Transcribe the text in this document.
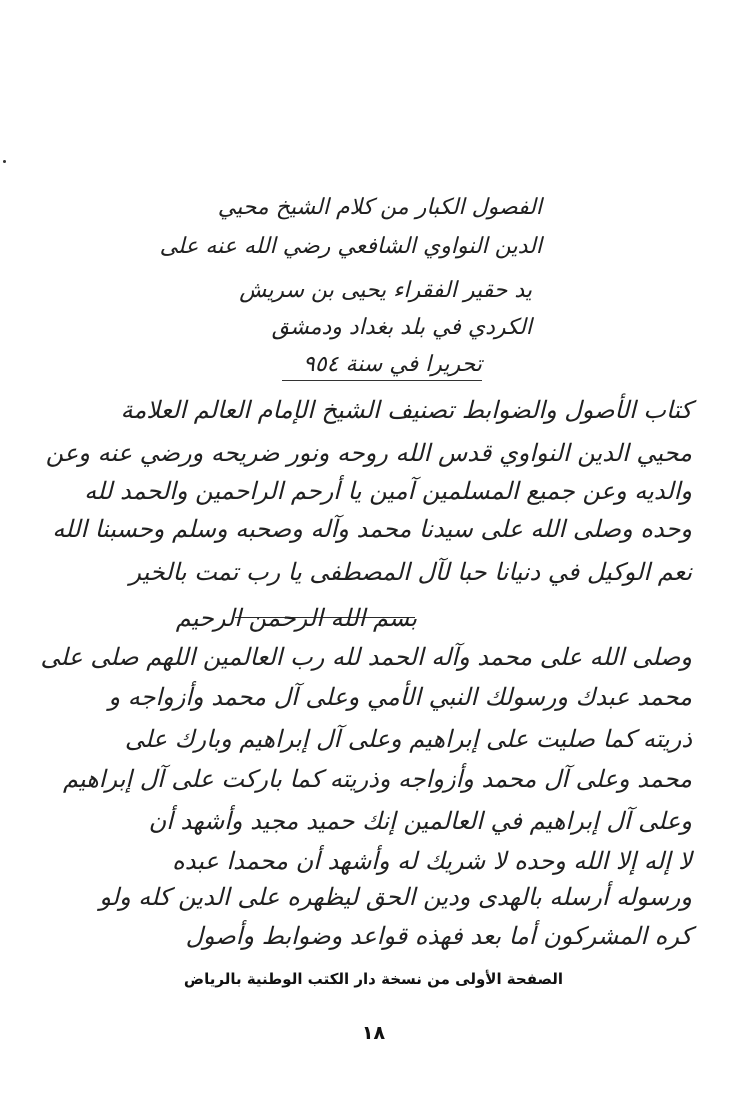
الفصول الكبار من كلام الشيخ محيي
الدين النواوي الشافعي رضي الله عنه على
يد حقير الفقراء يحيى بن سريش
الكردي في بلد بغداد ودمشق
تحريرا في سنة ٩٥٤
كتاب الأصول والضوابط تصنيف الشيخ الإمام العالم العلامة
محيي الدين النواوي قدس الله روحه ونور ضريحه ورضي عنه وعن
والديه وعن جميع المسلمين آمين يا أرحم الراحمين والحمد لله
وحده وصلى الله على سيدنا محمد وآله وصحبه وسلم وحسبنا الله
نعم الوكيل في دنيانا حبا لآل المصطفى يا رب تمت بالخير
بسم الله الرحمن الرحيم
وصلى الله على محمد وآله الحمد لله رب العالمين اللهم صلى على
محمد عبدك ورسولك النبي الأمي وعلى آل محمد وأزواجه و
ذريته كما صليت على إبراهيم وعلى آل إبراهيم وبارك على
محمد وعلى آل محمد وأزواجه وذريته كما باركت على آل إبراهيم
وعلى آل إبراهيم في العالمين إنك حميد مجيد وأشهد أن
لا إله إلا الله وحده لا شريك له وأشهد أن محمدا عبده
ورسوله أرسله بالهدى ودين الحق ليظهره على الدين كله ولو
كره المشركون أما بعد فهذه قواعد وضوابط وأصول
الصفحة الأولى من نسخة دار الكتب الوطنية بالرياض
١٨
